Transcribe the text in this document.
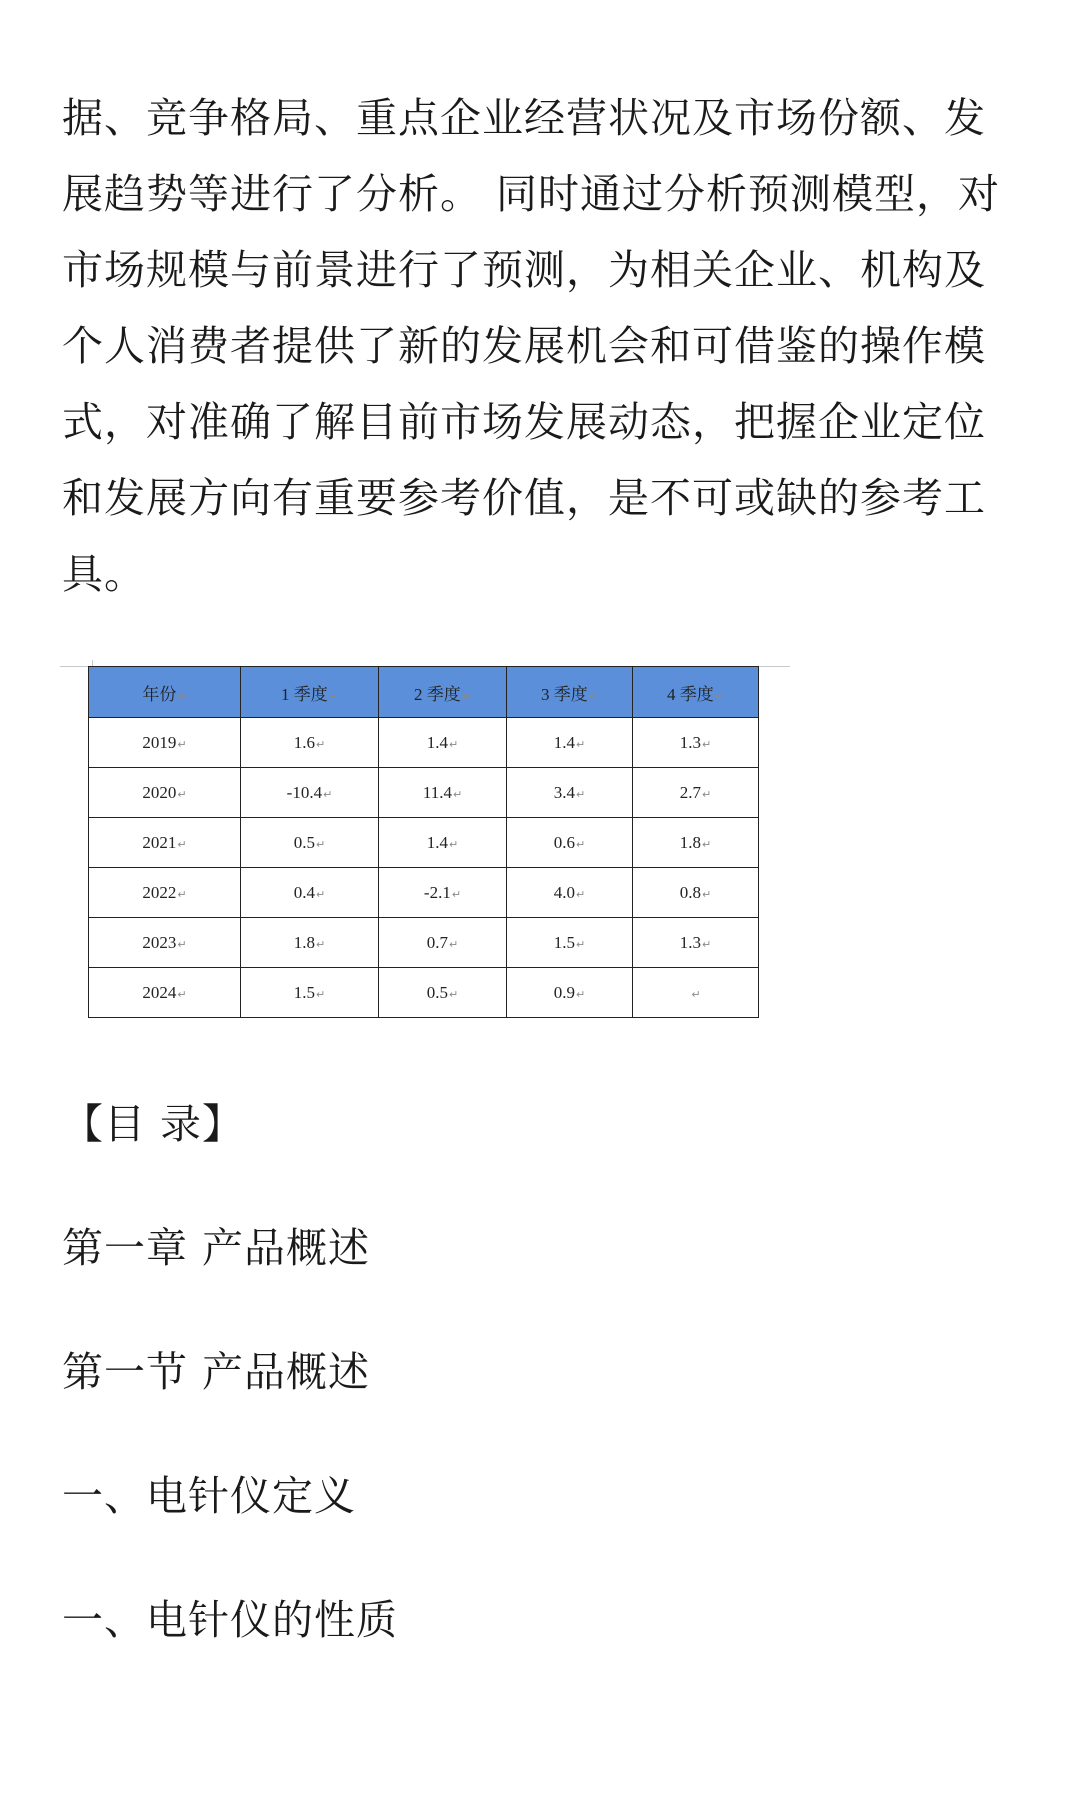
据、竞争格局、重点企业经营状况及市场份额、发
展趋势等进行了分析。 同时通过分析预测模型，对
市场规模与前景进行了预测，为相关企业、机构及
个人消费者提供了新的发展机会和可借鉴的操作模
式，对准确了解目前市场发展动态，把握企业定位
和发展方向有重要参考价值，是不可或缺的参考工
具。

年份↵	1 季度↵	2 季度↵	3 季度↵	4 季度↵
2019↵	1.6↵	1.4↵	1.4↵	1.3↵
2020↵	-10.4↵	11.4↵	3.4↵	2.7↵
2021↵	0.5↵	1.4↵	0.6↵	1.8↵
2022↵	0.4↵	-2.1↵	4.0↵	0.8↵
2023↵	1.8↵	0.7↵	1.5↵	1.3↵
2024↵	1.5↵	0.5↵	0.9↵	↵
【目 录】
第一章 产品概述
第一节 产品概述
一、电针仪定义
一、电针仪的性质
